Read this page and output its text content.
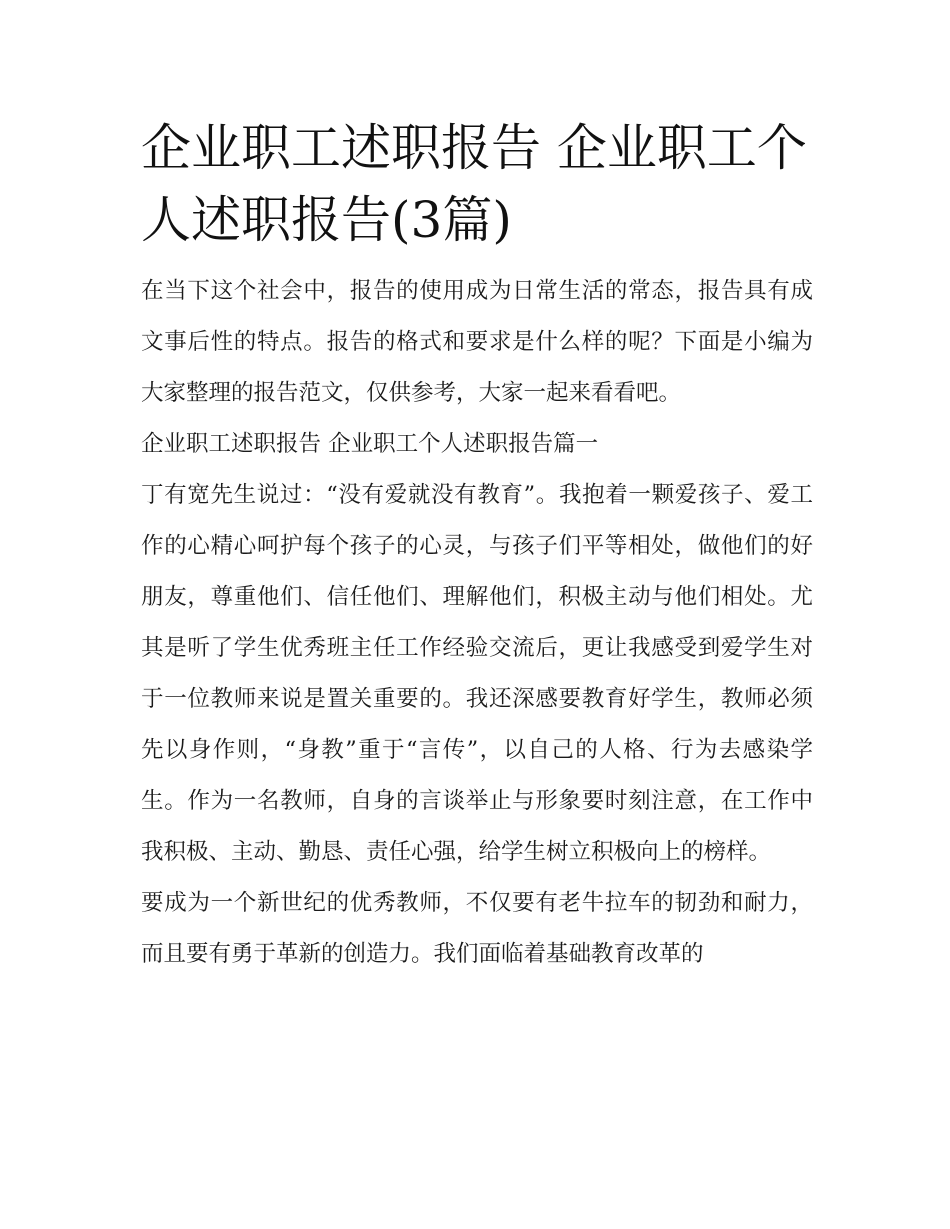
企业职工述职报告 企业职工个人述职报告(3篇)

在当下这个社会中，报告的使用成为日常生活的常态，报告具有成文事后性的特点。报告的格式和要求是什么样的呢？下面是小编为大家整理的报告范文，仅供参考，大家一起来看看吧。

企业职工述职报告 企业职工个人述职报告篇一

丁有宽先生说过：“没有爱就没有教育”。我抱着一颗爱孩子、爱工作的心精心呵护每个孩子的心灵，与孩子们平等相处，做他们的好朋友，尊重他们、信任他们、理解他们，积极主动与他们相处。尤其是听了学生优秀班主任工作经验交流后，更让我感受到爱学生对于一位教师来说是置关重要的。我还深感要教育好学生，教师必须先以身作则，“身教”重于“言传”，以自己的人格、行为去感染学生。作为一名教师，自身的言谈举止与形象要时刻注意，在工作中我积极、主动、勤恳、责任心强，给学生树立积极向上的榜样。

要成为一个新世纪的优秀教师，不仅要有老牛拉车的韧劲和耐力，而且要有勇于革新的创造力。我们面临着基础教育改革的
